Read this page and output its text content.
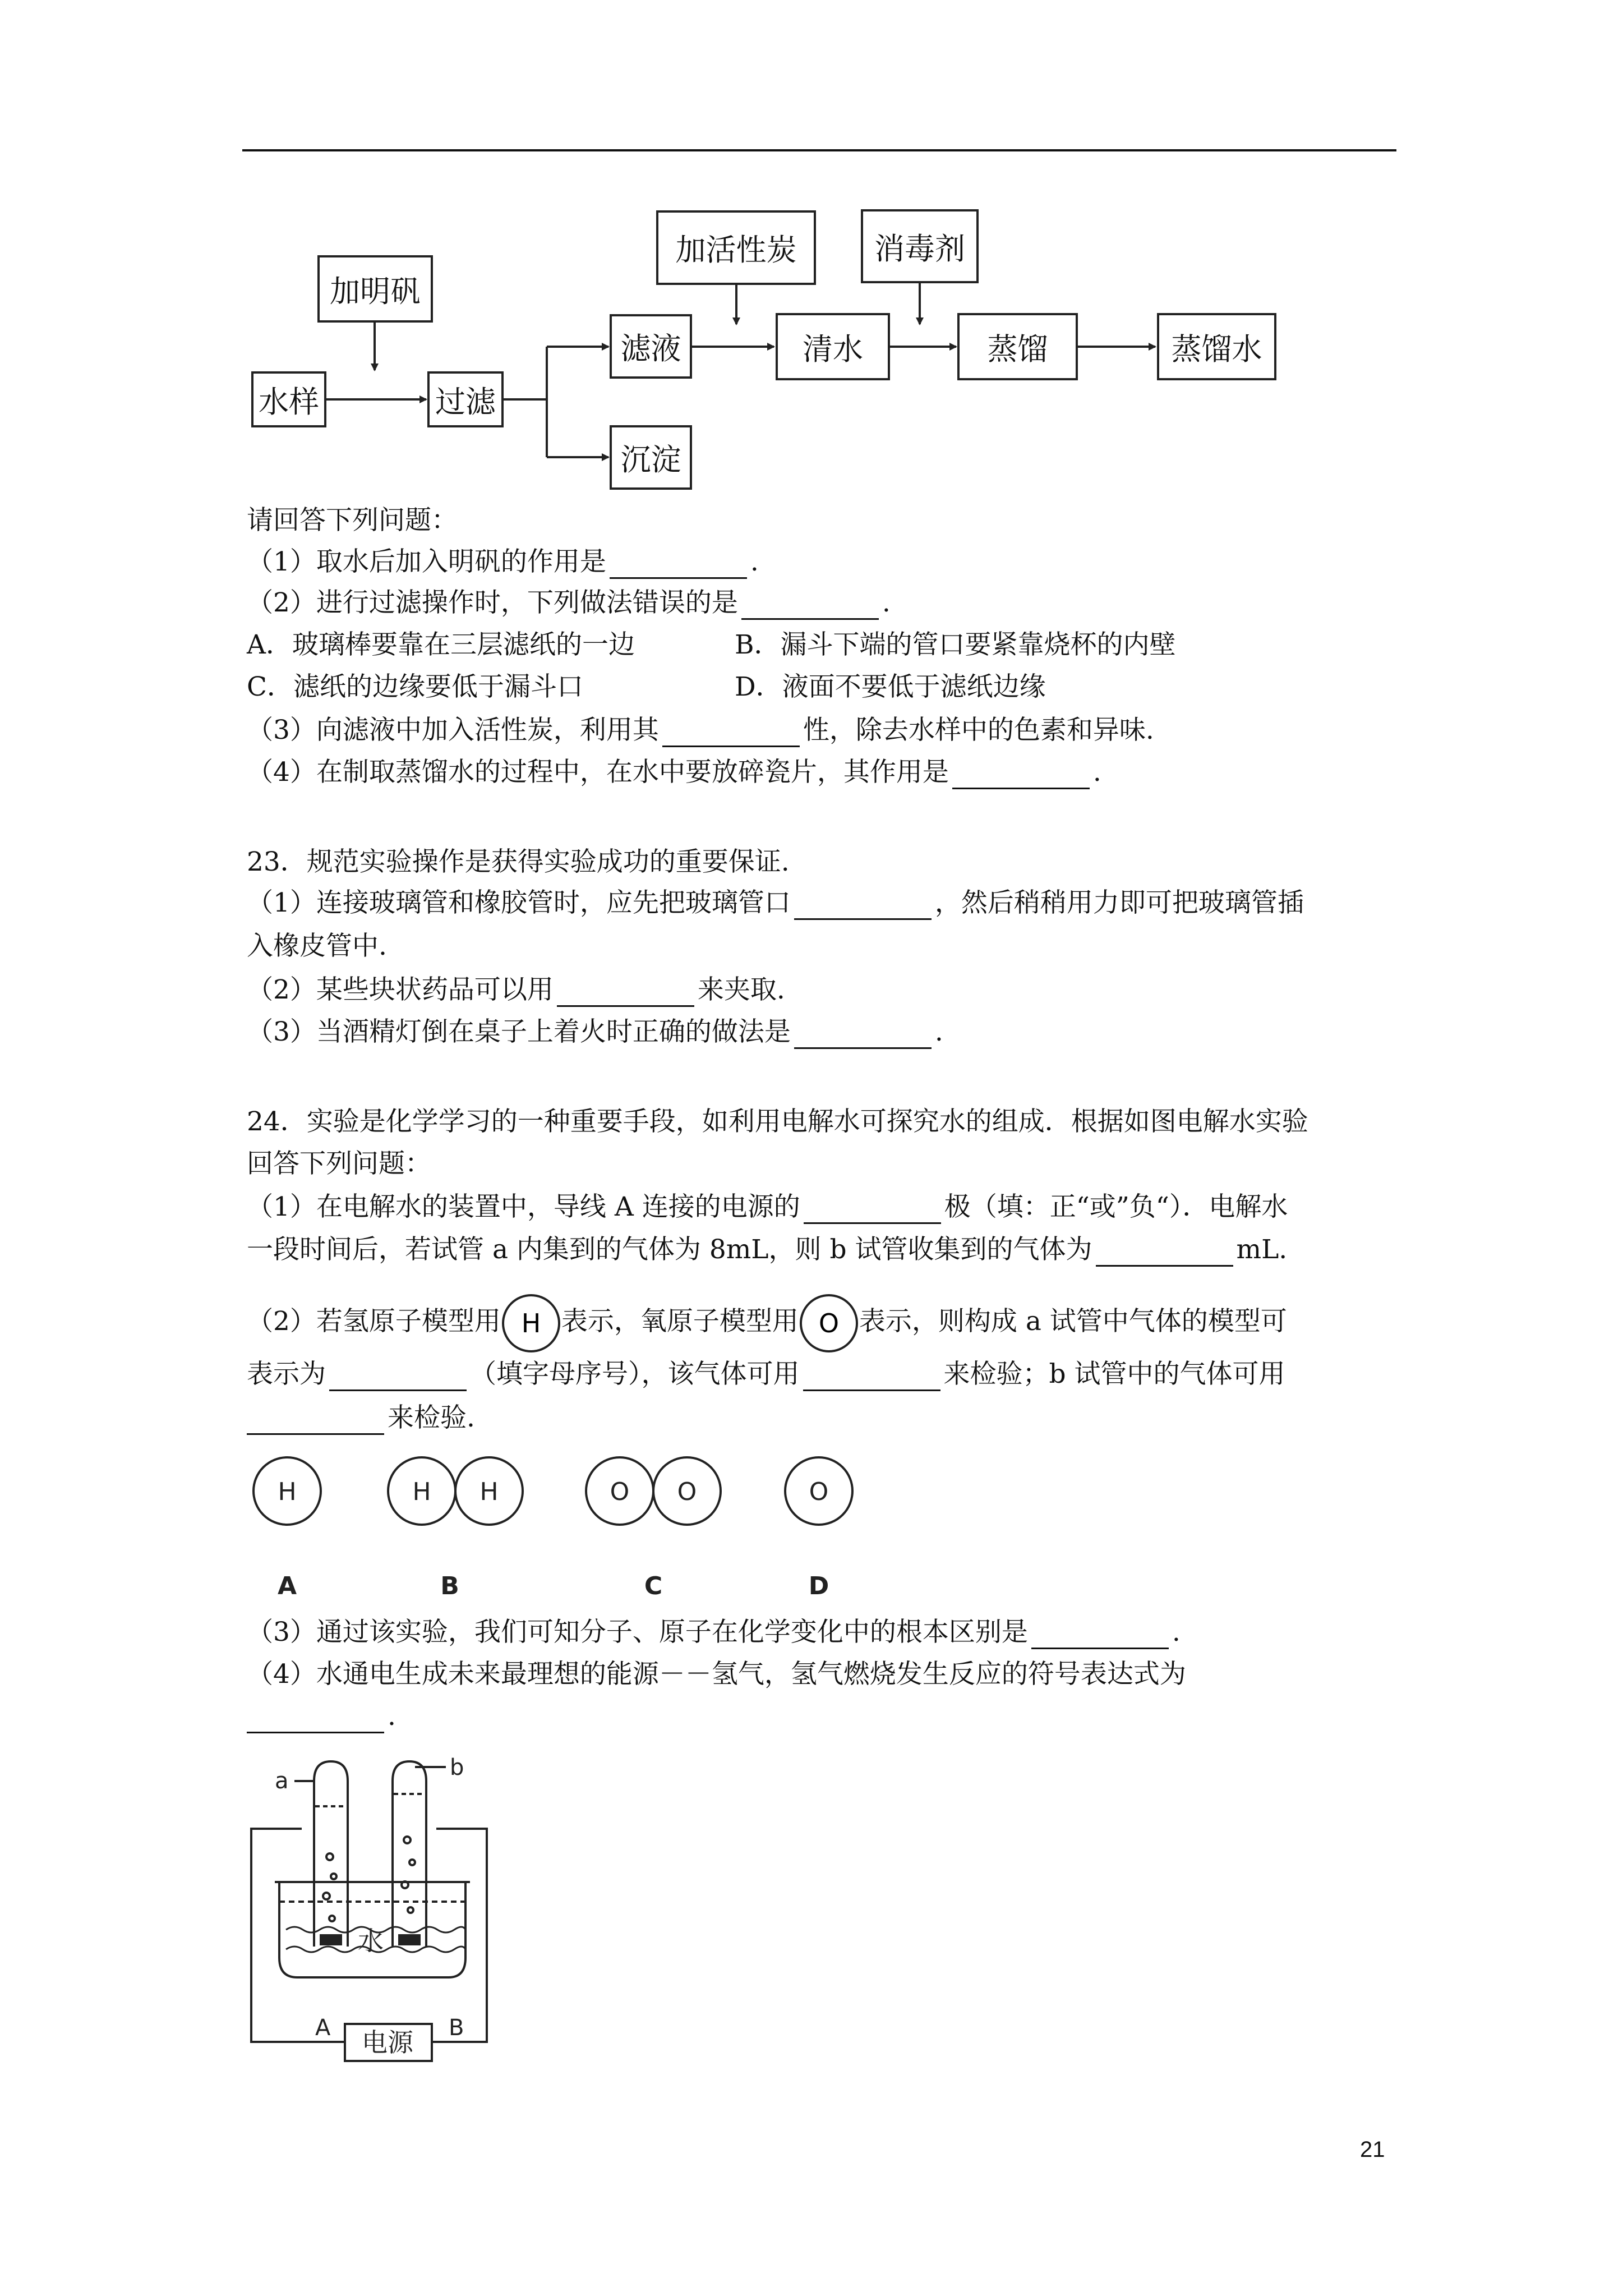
水样
加明矾
过滤
滤液
沉淀
加活性炭
清水
消毒剂
蒸馏	蒸馏水
请回答下列问题：
（1）取水后加入明矾的作用是	.
（2）进行过滤操作时，下列做法错误的是	.
A．玻璃棒要靠在三层滤纸的一边	B．漏斗下端的管口要紧靠烧杯的内壁
C．滤纸的边缘要低于漏斗口	D．液面不要低于滤纸边缘
（3）向滤液中加入活性炭，利用其	性，除去水样中的色素和异味.
（4）在制取蒸馏水的过程中，在水中要放碎瓷片，其作用是	.
23．规范实验操作是获得实验成功的重要保证.
（1）连接玻璃管和橡胶管时，应先把玻璃管口	，然后稍稍用力即可把玻璃管插
入橡皮管中.
（2）某些块状药品可以用	来夹取.
（3）当酒精灯倒在桌子上着火时正确的做法是	.
24．实验是化学学习的一种重要手段，如利用电解水可探究水的组成．根据如图电解水实验
回答下列问题：
（1）在电解水的装置中，导线 A 连接的电源的	极（填：正“或”负“）．电解水
一段时间后，若试管 a 内集到的气体为 8mL，则 b 试管收集到的气体为	mL.
（2）若氢原子模型用 H 表示，氧原子模型用 O 表示，则构成 a 试管中气体的模型可
表示为	（填字母序号），该气体可用	来检验；b 试管中的气体可用
来检验.
H	H H	O O	O
A	B	C	D
（3）通过该实验，我们可知分子、原子在化学变化中的根本区别是	.
（4）水通电生成未来最理想的能源－－氢气，氢气燃烧发生反应的符号表达式为
.
a
b
A	B
水
电源
21
